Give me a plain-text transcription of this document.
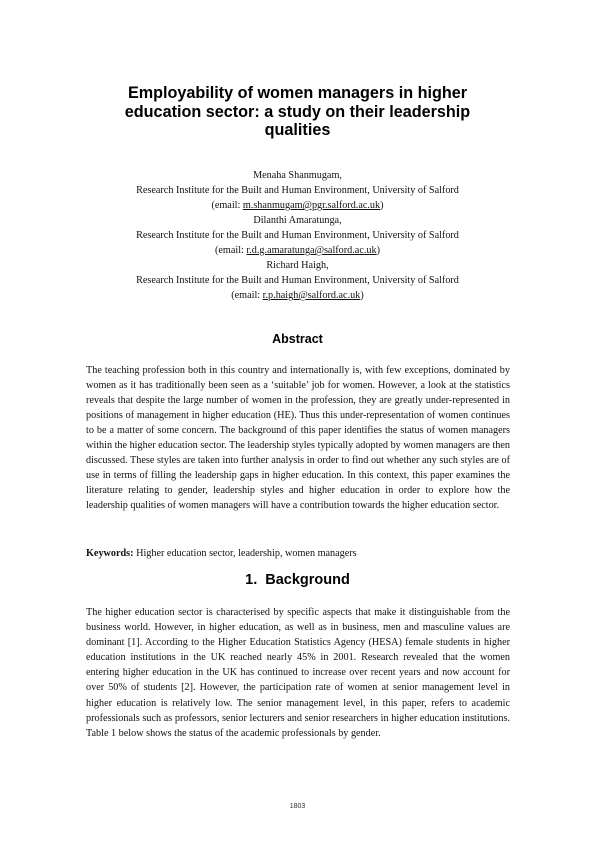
Employability of women managers in higher education sector: a study on their leadership qualities
Menaha Shanmugam,
Research Institute for the Built and Human Environment, University of Salford
(email: m.shanmugam@pgr.salford.ac.uk)
Dilanthi Amaratunga,
Research Institute for the Built and Human Environment, University of Salford
(email: r.d.g.amaratunga@salford.ac.uk)
Richard Haigh,
Research Institute for the Built and Human Environment, University of Salford
(email: r.p.haigh@salford.ac.uk)
Abstract

The teaching profession both in this country and internationally is, with few exceptions, dominated by women as it has traditionally been seen as a ‘suitable’ job for women. However, a look at the statistics reveals that despite the large number of women in the profession, they are greatly under-represented in positions of management in higher education (HE). Thus this under-representation of women continues to be a matter of some concern. The background of this paper identifies the status of women managers within the higher education sector. The leadership styles typically adopted by women managers are then discussed. These styles are taken into further analysis in order to find out whether any such styles are of use in terms of filling the leadership gaps in higher education. In this context, this paper examines the literature relating to gender, leadership styles and higher education in order to explore how the leadership qualities of women managers will have a contribution towards the higher education sector.

Keywords: Higher education sector, leadership, women managers

1. Background

The higher education sector is characterised by specific aspects that make it distinguishable from the business world. However, in higher education, as well as in business, men and masculine values are dominant [1]. According to the Higher Education Statistics Agency (HESA) female students in higher education institutions in the UK reached nearly 45% in 2001. Research revealed that the women entering higher education in the UK has continued to increase over recent years and now account for over 50% of students [2]. However, the participation rate of women at senior management level in higher education is relatively low. The senior management level, in this paper, refers to academic professionals such as professors, senior lecturers and senior researchers in higher education institutions. Table 1 below shows the status of the academic professionals by gender.

1803
